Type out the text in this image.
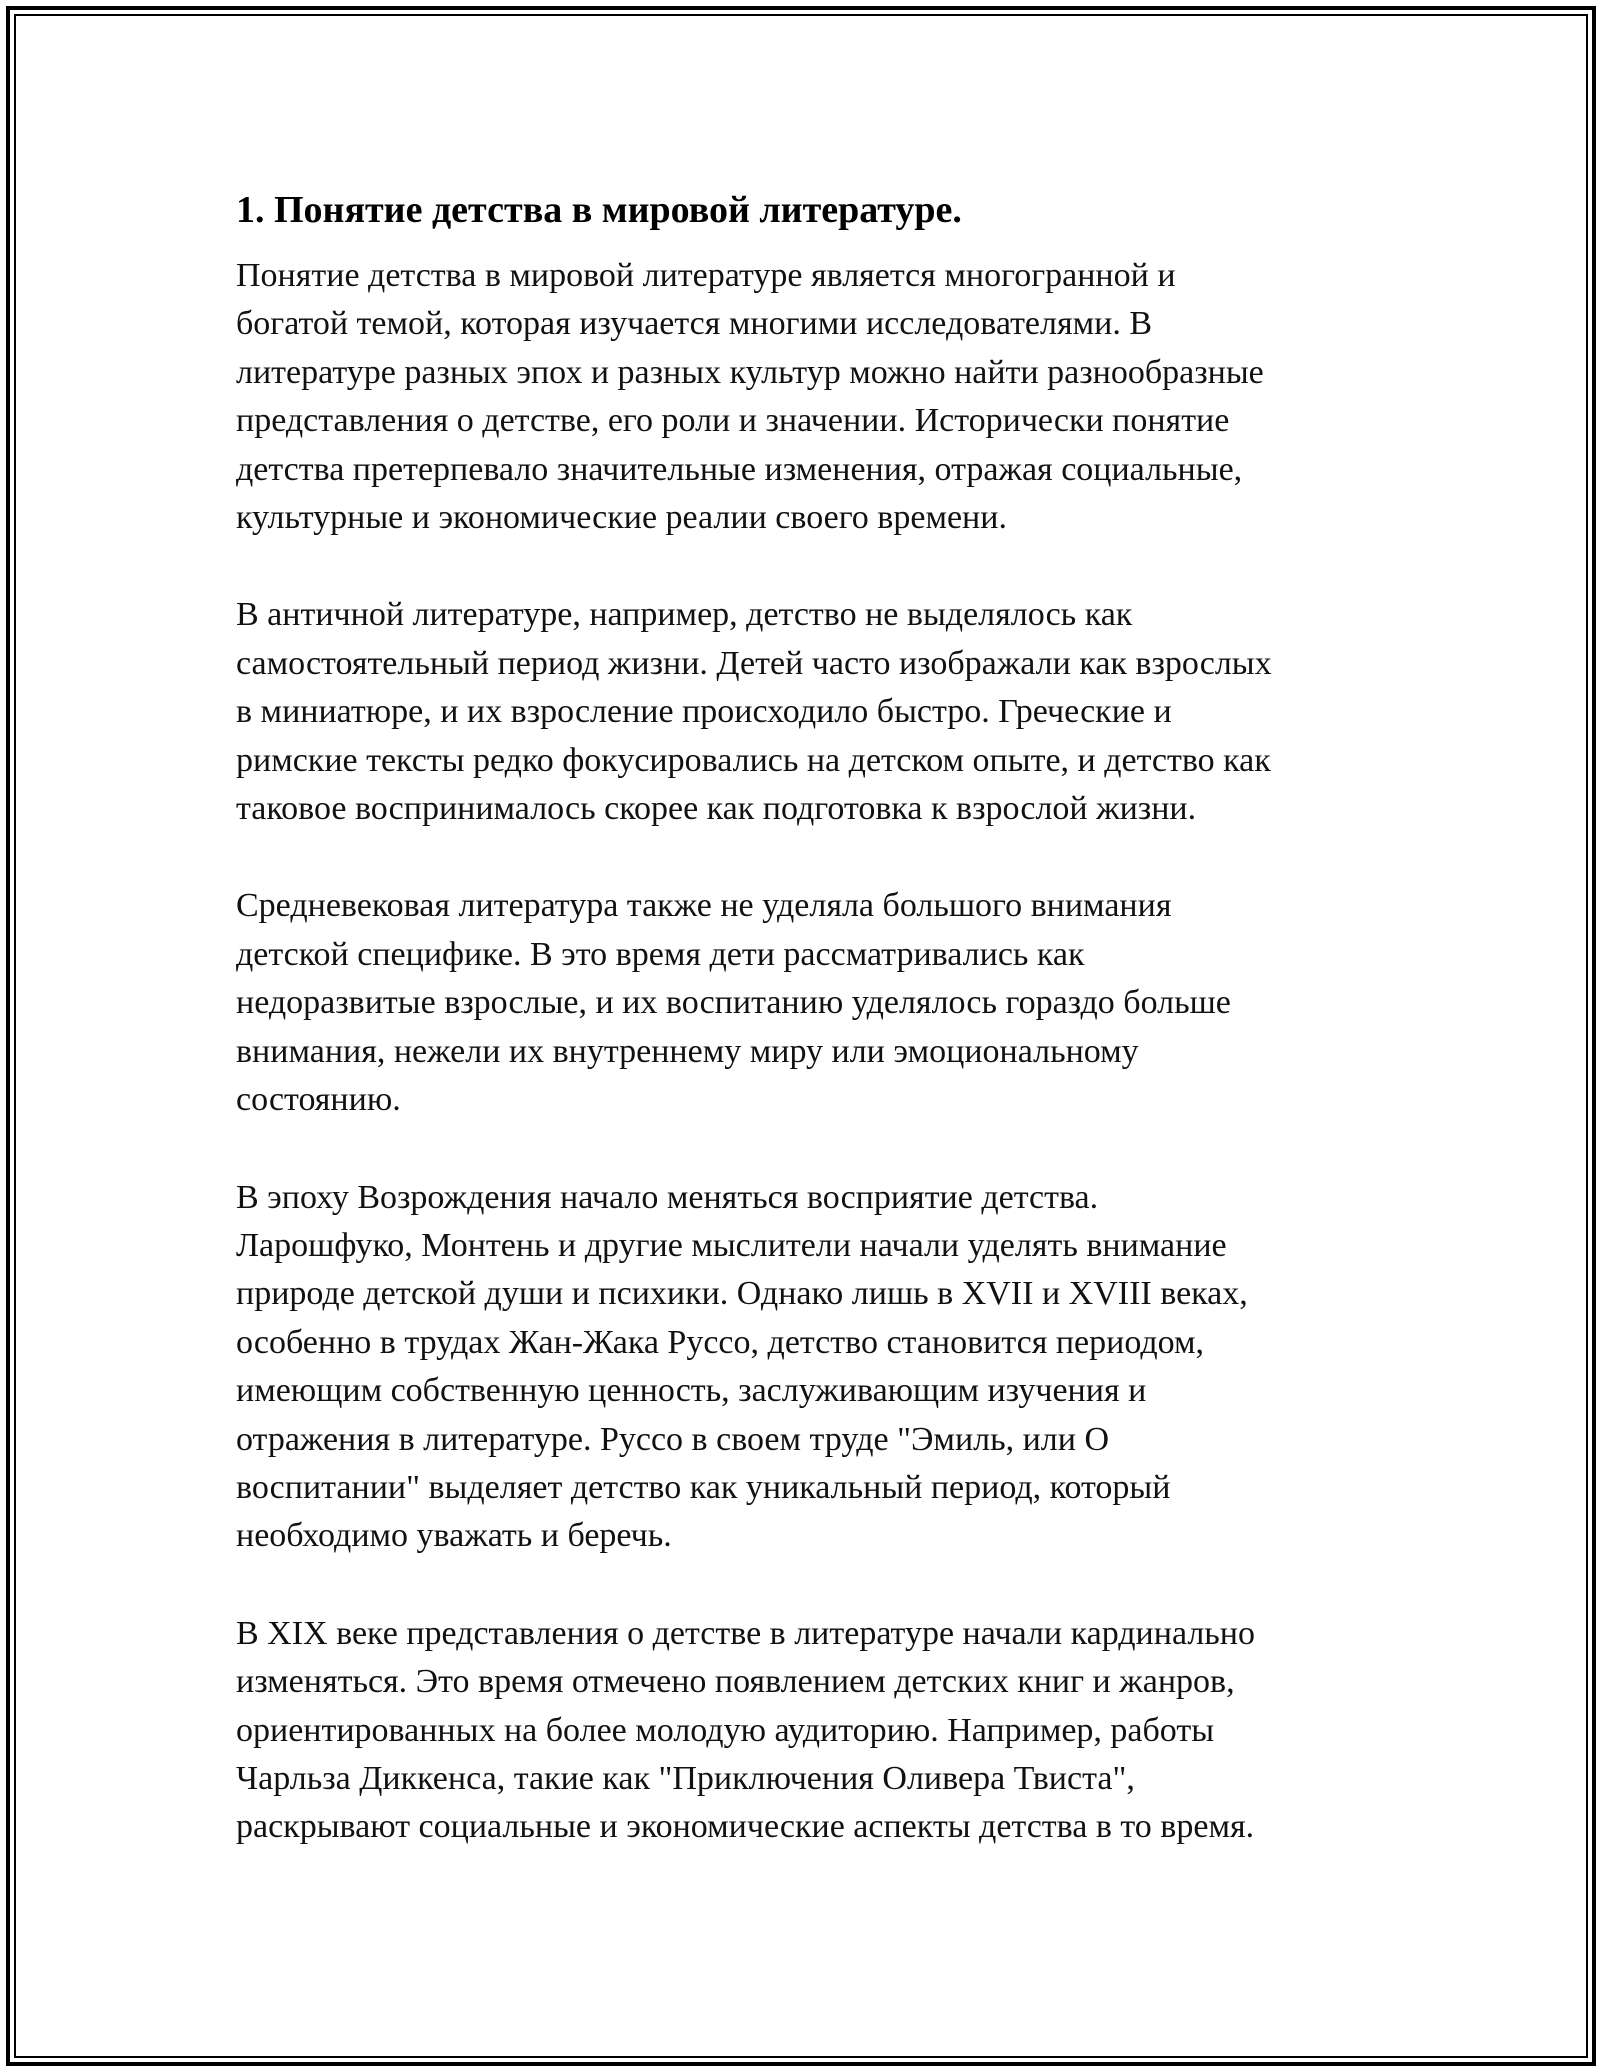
1. Понятие детства в мировой литературе.

Понятие детства в мировой литературе является многогранной и
богатой темой, которая изучается многими исследователями. В
литературе разных эпох и разных культур можно найти разнообразные
представления о детстве, его роли и значении. Исторически понятие
детства претерпевало значительные изменения, отражая социальные,
культурные и экономические реалии своего времени.

В античной литературе, например, детство не выделялось как
самостоятельный период жизни. Детей часто изображали как взрослых
в миниатюре, и их взросление происходило быстро. Греческие и
римские тексты редко фокусировались на детском опыте, и детство как
таковое воспринималось скорее как подготовка к взрослой жизни.

Средневековая литература также не уделяла большого внимания
детской специфике. В это время дети рассматривались как
недоразвитые взрослые, и их воспитанию уделялось гораздо больше
внимания, нежели их внутреннему миру или эмоциональному
состоянию.

В эпоху Возрождения начало меняться восприятие детства.
Ларошфуко, Монтень и другие мыслители начали уделять внимание
природе детской души и психики. Однако лишь в XVII и XVIII веках,
особенно в трудах Жан-Жака Руссо, детство становится периодом,
имеющим собственную ценность, заслуживающим изучения и
отражения в литературе. Руссо в своем труде "Эмиль, или О
воспитании" выделяет детство как уникальный период, который
необходимо уважать и беречь.

В XIX веке представления о детстве в литературе начали кардинально
изменяться. Это время отмечено появлением детских книг и жанров,
ориентированных на более молодую аудиторию. Например, работы
Чарльза Диккенса, такие как "Приключения Оливера Твиста",
раскрывают социальные и экономические аспекты детства в то время.
